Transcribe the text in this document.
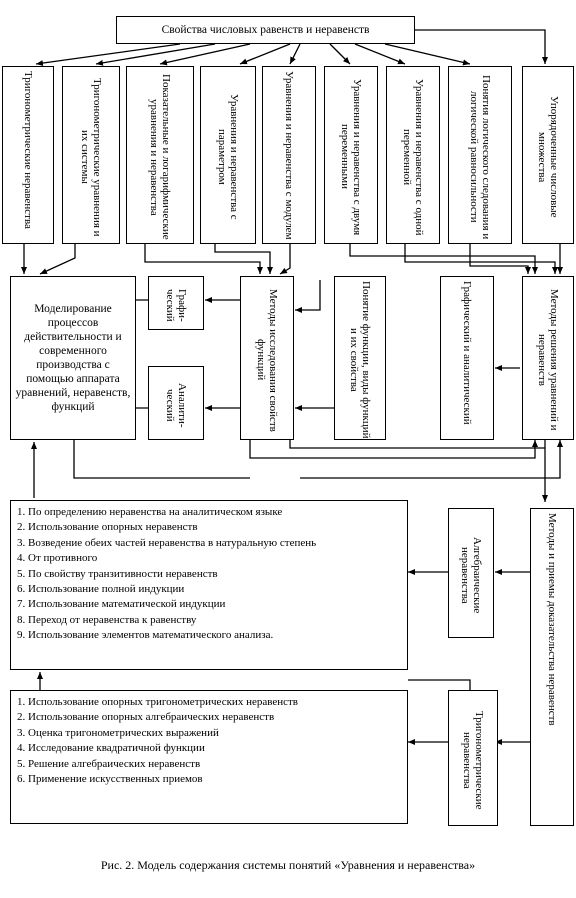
Свойства числовых равенств и неравенств
Тригонометрические неравенства	Тригонометрические уравнения и их системы	Показательные и логарифмические уравнения и неравенства	Уравнения и неравенства с параметром	Уравнения и неравенства с модулем	Уравнения и неравенства с двумя переменными	Уравнения и неравенства с одной переменной	Понятия логического следования и логической равносильности	Упорядоченные числовые множества
Моделирование процессов действительности и современного производства с помощью аппарата уравнений, неравенств, функций
Графи-ческий
Аналити-ческий	Методы исследования свойств функций	Понятие функции, виды функций и их свойства	Графический и аналитический	Методы решения уравнений и неравенств
1. По определению неравенства на аналитическом языке
2. Использование опорных неравенств
3. Возведение обеих частей неравенства в натуральную степень
4. От противного
5. По свойству транзитивности неравенств
6. Использование полной индукции
7. Использование математической индукции
8. Переход от неравенства к равенству
9. Использование элементов математического анализа.
Алгебраические неравенства	Методы и приемы доказательства неравенств
1. Использование опорных тригонометрических неравенств
2. Использование опорных алгебраических неравенств
3. Оценка тригонометрических выражений
4. Исследование квадратичной функции
5. Решение алгебраических неравенств
6. Применение искусственных приемов	Тригонометрические неравенства
Рис. 2. Модель содержания системы понятий «Уравнения и неравенства»
